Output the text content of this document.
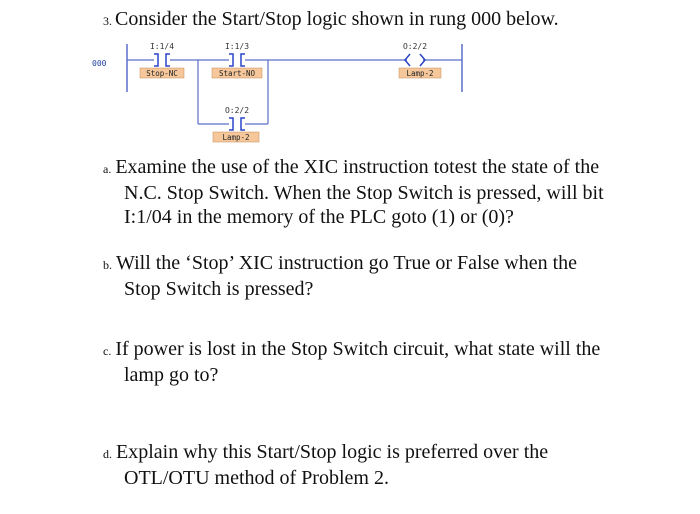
3. Consider the Start/Stop logic shown in rung 000 below.
000
I:1/4
Stop-NC
I:1/3
Start-NO
O:2/2
Lamp-2
O:2/2
Lamp-2
a. Examine the use of the XIC instruction totest the state of the
N.C. Stop Switch. When the Stop Switch is pressed, will bit
I:1/04 in the memory of the PLC goto (1) or (0)?
b. Will the ‘Stop’ XIC instruction go True or False when the
Stop Switch is pressed?
c. If power is lost in the Stop Switch circuit, what state will the
lamp go to?
d. Explain why this Start/Stop logic is preferred over the
OTL/OTU method of Problem 2.
